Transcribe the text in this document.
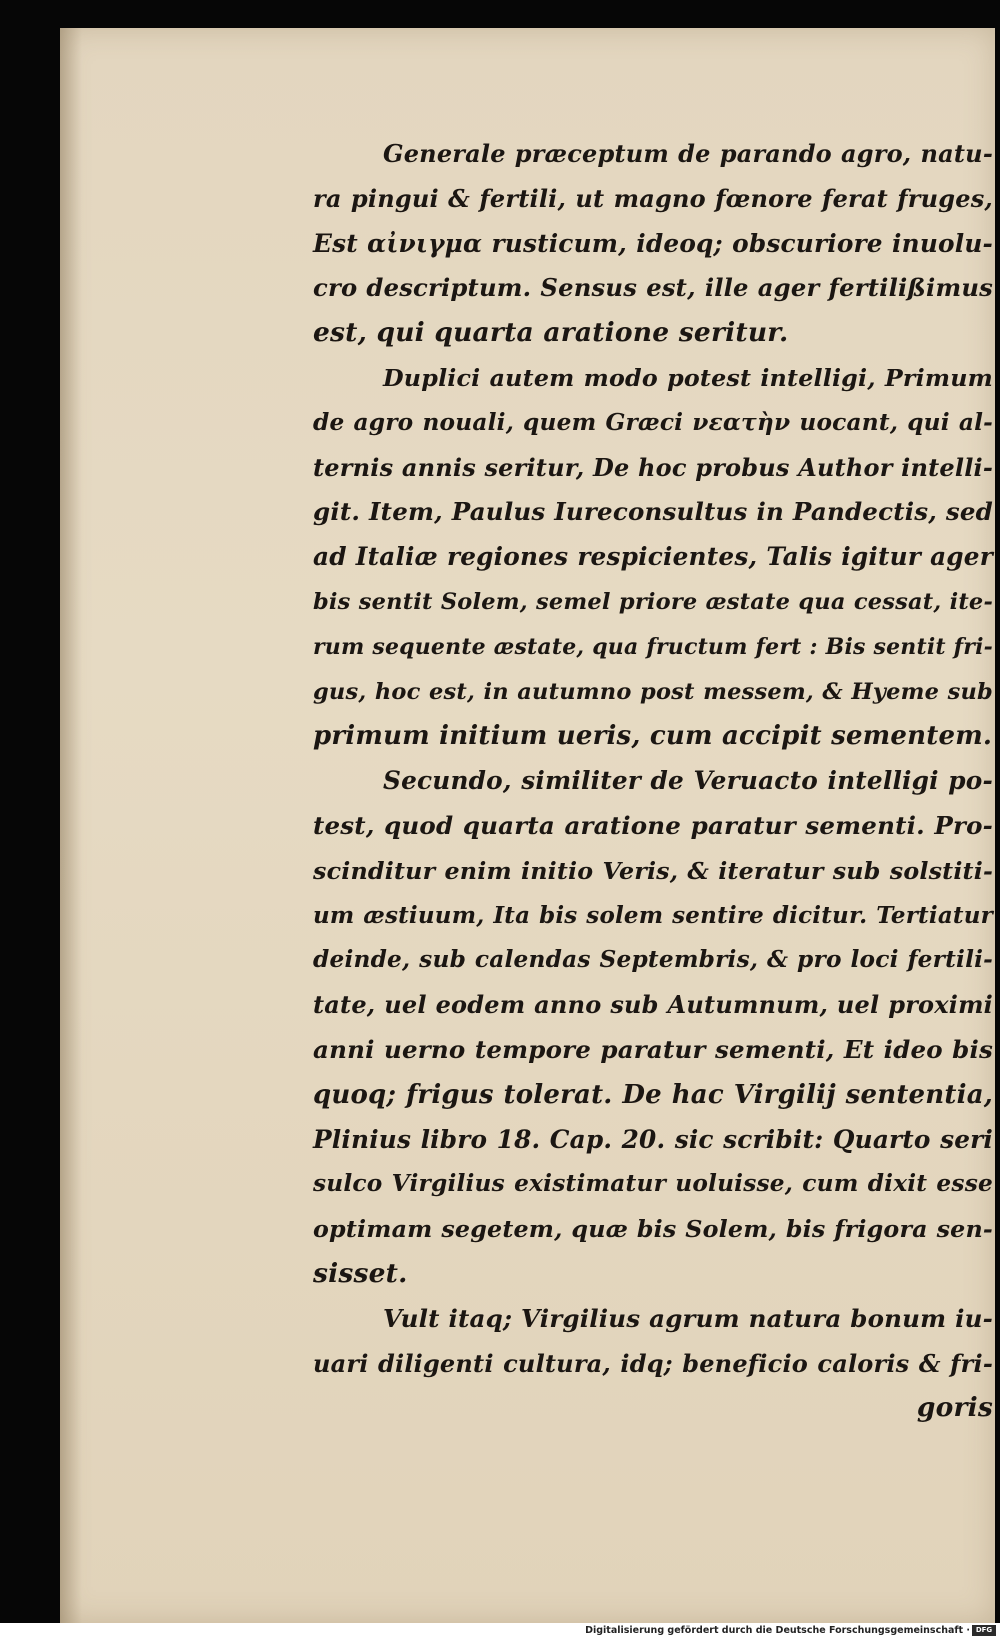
Generale præceptum de parando agro, natu-
ra pingui & fertili, ut magno fœnore ferat fruges,
Est αἰνιγμα rusticum, ideoq; obscuriore inuolu-
cro descriptum. Sensus est, ille ager fertilißimus
est, qui quarta aratione seritur.
Duplici autem modo potest intelligi, Primum
de agro nouali, quem Græci νεατὴν uocant, qui al-
ternis annis seritur, De hoc probus Author intelli-
git. Item, Paulus Iureconsultus in Pandectis, sed
ad Italiæ regiones respicientes, Talis igitur ager
bis sentit Solem, semel priore æstate qua cessat, ite-
rum sequente æstate, qua fructum fert : Bis sentit fri-
gus, hoc est, in autumno post messem, & Hyeme sub
primum initium ueris, cum accipit sementem.
Secundo, similiter de Veruacto intelligi po-
test, quod quarta aratione paratur sementi. Pro-
scinditur enim initio Veris, & iteratur sub solstiti-
um æstiuum, Ita bis solem sentire dicitur. Tertiatur
deinde, sub calendas Septembris, & pro loci fertili-
tate, uel eodem anno sub Autumnum, uel proximi
anni uerno tempore paratur sementi, Et ideo bis
quoq; frigus tolerat. De hac Virgilij sententia,
Plinius libro 18. Cap. 20. sic scribit: Quarto seri
sulco Virgilius existimatur uoluisse, cum dixit esse
optimam segetem, quæ bis Solem, bis frigora sen-
sisset.
Vult itaq; Virgilius agrum natura bonum iu-
uari diligenti cultura, idq; beneficio caloris & fri-
goris
Digitalisierung gefördert durch die Deutsche Forschungsgemeinschaft · DFG
